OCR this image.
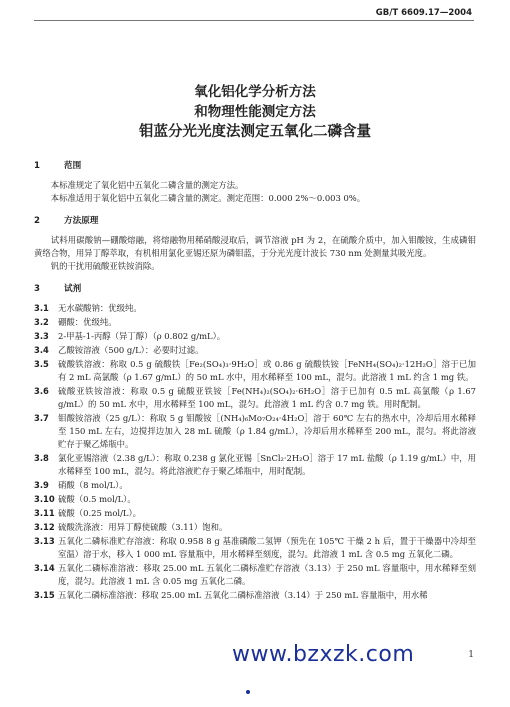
GB/T 6609.17—2004
氧化铝化学分析方法
和物理性能测定方法
钼蓝分光光度法测定五氧化二磷含量
1	范围

本标准规定了氧化铝中五氧化二磷含量的测定方法。

本标准适用于氧化铝中五氧化二磷含量的测定。测定范围：0.000 2%～0.003 0%。

2	方法原理

试料用碳酸钠—硼酸熔融，将熔融物用稀硝酸浸取后，调节溶液 pH 为 2，在硫酸介质中，加入钼酸铵，生成磷钼黄络合物，用异丁醇萃取，有机相用氯化亚锡还原为磷钼蓝，于分光光度计波长 730 nm 处测量其吸光度。

钒的干扰用硫酸亚铁铵消除。

3	试剂
3.1	无水碳酸钠：优级纯。
3.2	硼酸：优级纯。
3.3	2-甲基-1-丙醇（异丁醇）（ρ 0.802 g/mL）。
3.4	乙酸铵溶液（500 g/L）：必要时过滤。
3.5	硫酸铁溶液：称取 0.5 g 硫酸铁［Fe₂(SO₄)₃·9H₂O］或 0.86 g 硫酸铁铵［FeNH₄(SO₄)₂·12H₂O］溶于已加有 2 mL 高氯酸（ρ 1.67 g/mL）的 50 mL 水中，用水稀释至 100 mL，混匀。此溶液 1 mL 约含 1 mg 铁。
3.6	硫酸亚铁铵溶液：称取 0.5 g 硫酸亚铁铵［Fe(NH₄)₂(SO₄)₂·6H₂O］溶于已加有 0.5 mL 高氯酸（ρ 1.67 g/mL）的 50 mL 水中，用水稀释至 100 mL，混匀。此溶液 1 mL 约含 0.7 mg 铁。用时配制。
3.7	钼酸铵溶液（25 g/L）：称取 5 g 钼酸铵［(NH₄)₆Mo₇O₂₄·4H₂O］溶于 60℃ 左右的热水中，冷却后用水稀释至 150 mL 左右，边搅拌边加入 28 mL 硫酸（ρ 1.84 g/mL），冷却后用水稀释至 200 mL，混匀。将此溶液贮存于聚乙烯瓶中。
3.8	氯化亚锡溶液（2.38 g/L）：称取 0.238 g 氯化亚锡［SnCl₂·2H₂O］溶于 17 mL 盐酸（ρ 1.19 g/mL）中，用水稀释至 100 mL，混匀。将此溶液贮存于聚乙烯瓶中，用时配制。
3.9	硝酸（8 mol/L）。
3.10 硫酸（0.5 mol/L）。
3.11 硫酸（0.25 mol/L）。
3.12 硫酸洗涤液：用异丁醇使硫酸（3.11）饱和。
3.13 五氧化二磷标准贮存溶液：称取 0.958 8 g 基准磷酸二氢钾（预先在 105℃ 干燥 2 h 后，置于干燥器中冷却至室温）溶于水，移入 1 000 mL 容量瓶中，用水稀释至刻度，混匀。此溶液 1 mL 含 0.5 mg 五氧化二磷。
3.14 五氧化二磷标准溶液：移取 25.00 mL 五氧化二磷标准贮存溶液（3.13）于 250 mL 容量瓶中，用水稀释至刻度，混匀。此溶液 1 mL 含 0.05 mg 五氧化二磷。
3.15 五氧化二磷标准溶液：移取 25.00 mL 五氧化二磷标准溶液（3.14）于 250 mL 容量瓶中，用水稀
www.bzxzk.com	1
